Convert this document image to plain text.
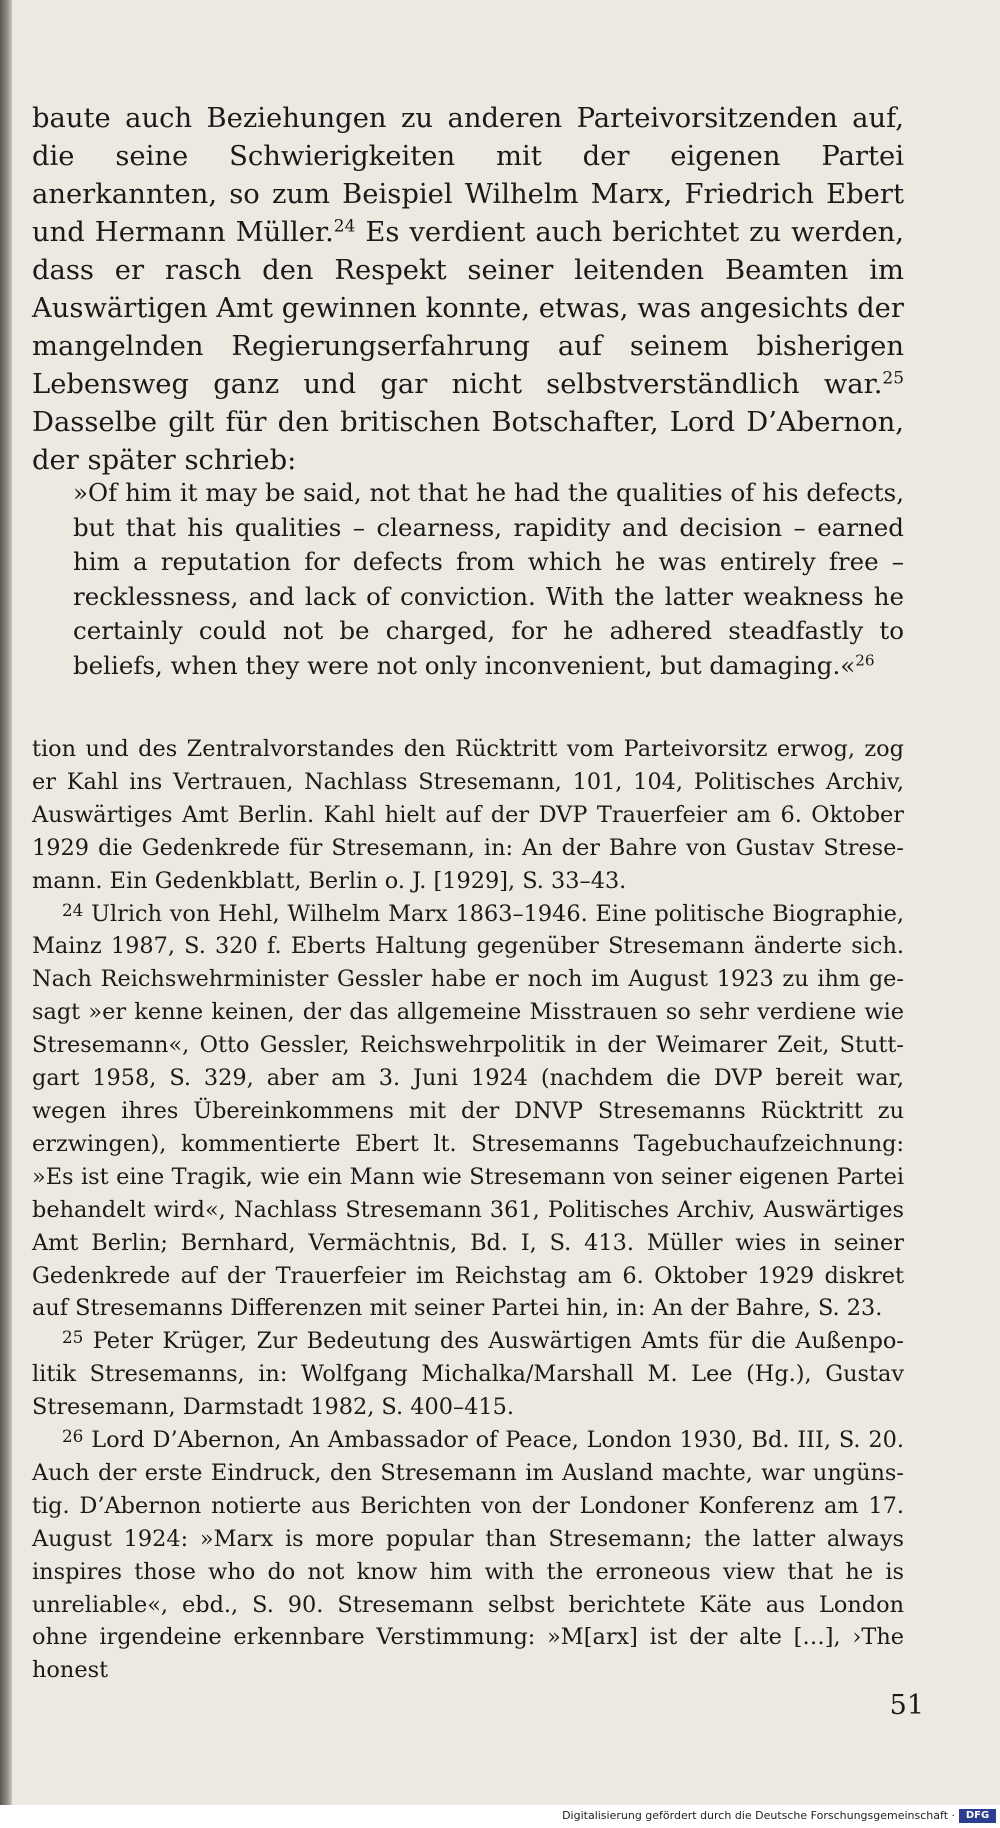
baute auch Beziehungen zu anderen Parteivorsitzenden auf, die seine Schwierigkeiten mit der eigenen Partei anerkannten, so zum Beispiel Wilhelm Marx, Friedrich Ebert und Hermann Müller.$^{24}$ Es verdient auch berichtet zu werden, dass er rasch den Respekt seiner leitenden Beamten im Auswärtigen Amt gewinnen konnte, etwas, was angesichts der mangelnden Regierungserfahrung auf seinem bisherigen Lebensweg ganz und gar nicht selbstverständlich war.$^{25}$ Dasselbe gilt für den britischen Botschafter, Lord D’Abernon, der später schrieb:

»Of him it may be said, not that he had the qualities of his defects, but that his qualities – clearness, rapidity and decision – earned him a reputation for defects from which he was entirely free – recklessness, and lack of conviction. With the latter weakness he certainly could not be charged, for he adhered steadfastly to beliefs, when they were not only inconvenient, but damaging.«$^{26}$

tion und des Zentralvorstandes den Rücktritt vom Parteivorsitz erwog, zog er Kahl ins Vertrauen, Nachlass Stresemann, 101, 104, Politisches Archiv, Auswärtiges Amt Berlin. Kahl hielt auf der DVP Trauerfeier am 6. Oktober 1929 die Gedenkrede für Stresemann, in: An der Bahre von Gustav Stresemann. Ein Gedenkblatt, Berlin o. J. [1929], S. 33–43.

$^{24}$ Ulrich von Hehl, Wilhelm Marx 1863–1946. Eine politische Biographie, Mainz 1987, S. 320 f. Eberts Haltung gegenüber Stresemann änderte sich. Nach Reichswehrminister Gessler habe er noch im August 1923 zu ihm gesagt »er kenne keinen, der das allgemeine Misstrauen so sehr verdiene wie Stresemann«, Otto Gessler, Reichswehrpolitik in der Weimarer Zeit, Stuttgart 1958, S. 329, aber am 3. Juni 1924 (nachdem die DVP bereit war, wegen ihres Übereinkommens mit der DNVP Stresemanns Rücktritt zu erzwingen), kommentierte Ebert lt. Stresemanns Tagebuchaufzeichnung: »Es ist eine Tragik, wie ein Mann wie Stresemann von seiner eigenen Partei behandelt wird«, Nachlass Stresemann 361, Politisches Archiv, Auswärtiges Amt Berlin; Bernhard, Vermächtnis, Bd. I, S. 413. Müller wies in seiner Gedenkrede auf der Trauerfeier im Reichstag am 6. Oktober 1929 diskret auf Stresemanns Differenzen mit seiner Partei hin, in: An der Bahre, S. 23.

$^{25}$ Peter Krüger, Zur Bedeutung des Auswärtigen Amts für die Außenpolitik Stresemanns, in: Wolfgang Michalka/Marshall M. Lee (Hg.), Gustav Stresemann, Darmstadt 1982, S. 400–415.

$^{26}$ Lord D’Abernon, An Ambassador of Peace, London 1930, Bd. III, S. 20. Auch der erste Eindruck, den Stresemann im Ausland machte, war ungünstig. D’Abernon notierte aus Berichten von der Londoner Konferenz am 17. August 1924: »Marx is more popular than Stresemann; the latter always inspires those who do not know him with the erroneous view that he is unreliable«, ebd., S. 90. Stresemann selbst berichtete Käte aus London ohne irgendeine erkennbare Verstimmung: »M[arx] ist der alte […], ›The honest

51
Digitalisierung gefördert durch die Deutsche Forschungsgemeinschaft ·	DFG
